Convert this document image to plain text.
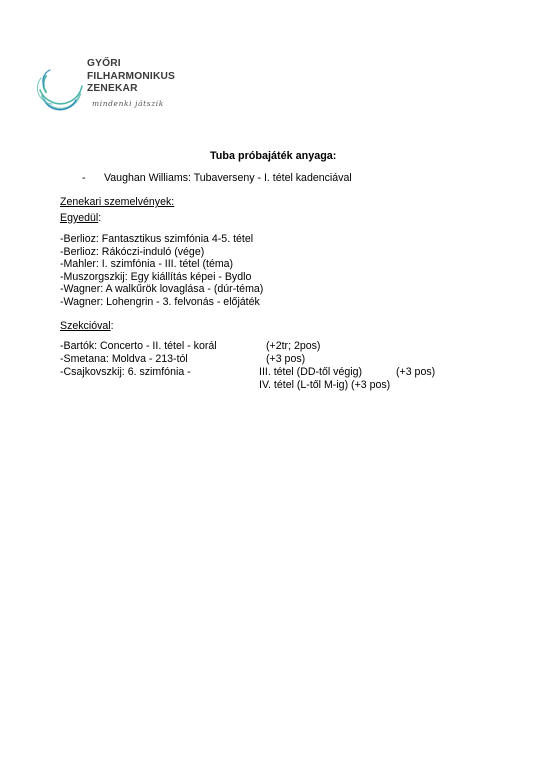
GYŐRI
FILHARMONIKUS
ZENEKAR
mindenki játszik
Tuba próbajáték anyaga:
- Vaughan Williams: Tubaverseny - I. tétel kadenciával
Zenekari szemelvények:
Egyedül:
-Berlioz: Fantasztikus szimfónia 4-5. tétel
-Berlioz: Rákóczi-induló (vége)
-Mahler: I. szimfónia - III. tétel (téma)
-Muszorgszkij: Egy kiállítás képei - Bydlo
-Wagner: A walkűrök lovaglása - (dúr-téma)
-Wagner: Lohengrin - 3. felvonás - előjáték
Szekcióval:
-Bartók: Concerto - II. tétel - korál	(+2tr; 2pos)
-Smetana: Moldva - 213-tól	(+3 pos)
-Csajkovszkij: 6. szimfónia -	III. tétel (DD-től végig)	(+3 pos)
IV. tétel (L-től M-ig) (+3 pos)
